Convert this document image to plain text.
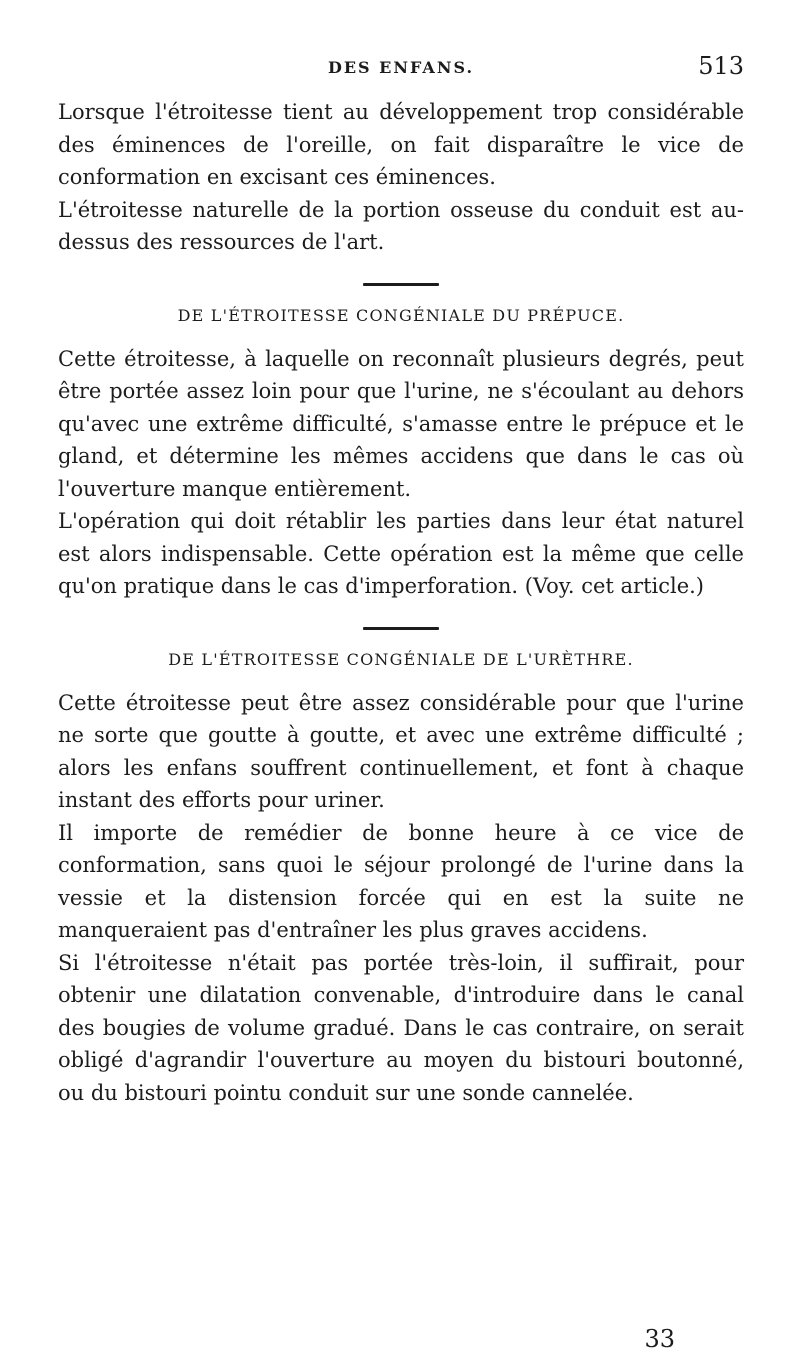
DES ENFANS.	513

Lorsque l'étroitesse tient au développement trop considérable des éminences de l'oreille, on fait disparaître le vice de conformation en excisant ces éminences.

L'étroitesse naturelle de la portion osseuse du conduit est au-dessus des ressources de l'art.

DE L'ÉTROITESSE CONGÉNIALE DU PRÉPUCE.

Cette étroitesse, à laquelle on reconnaît plusieurs degrés, peut être portée assez loin pour que l'urine, ne s'écoulant au dehors qu'avec une extrême difficulté, s'amasse entre le prépuce et le gland, et détermine les mêmes accidens que dans le cas où l'ouverture manque entièrement.

L'opération qui doit rétablir les parties dans leur état naturel est alors indispensable. Cette opération est la même que celle qu'on pratique dans le cas d'imperforation. (Voy. cet article.)

DE L'ÉTROITESSE CONGÉNIALE DE L'URÈTHRE.

Cette étroitesse peut être assez considérable pour que l'urine ne sorte que goutte à goutte, et avec une extrême difficulté ; alors les enfans souffrent continuellement, et font à chaque instant des efforts pour uriner.

Il importe de remédier de bonne heure à ce vice de conformation, sans quoi le séjour prolongé de l'urine dans la vessie et la distension forcée qui en est la suite ne manqueraient pas d'entraîner les plus graves accidens.

Si l'étroitesse n'était pas portée très-loin, il suffirait, pour obtenir une dilatation convenable, d'introduire dans le canal des bougies de volume gradué. Dans le cas contraire, on serait obligé d'agrandir l'ouverture au moyen du bistouri boutonné, ou du bistouri pointu conduit sur une sonde cannelée.

33
